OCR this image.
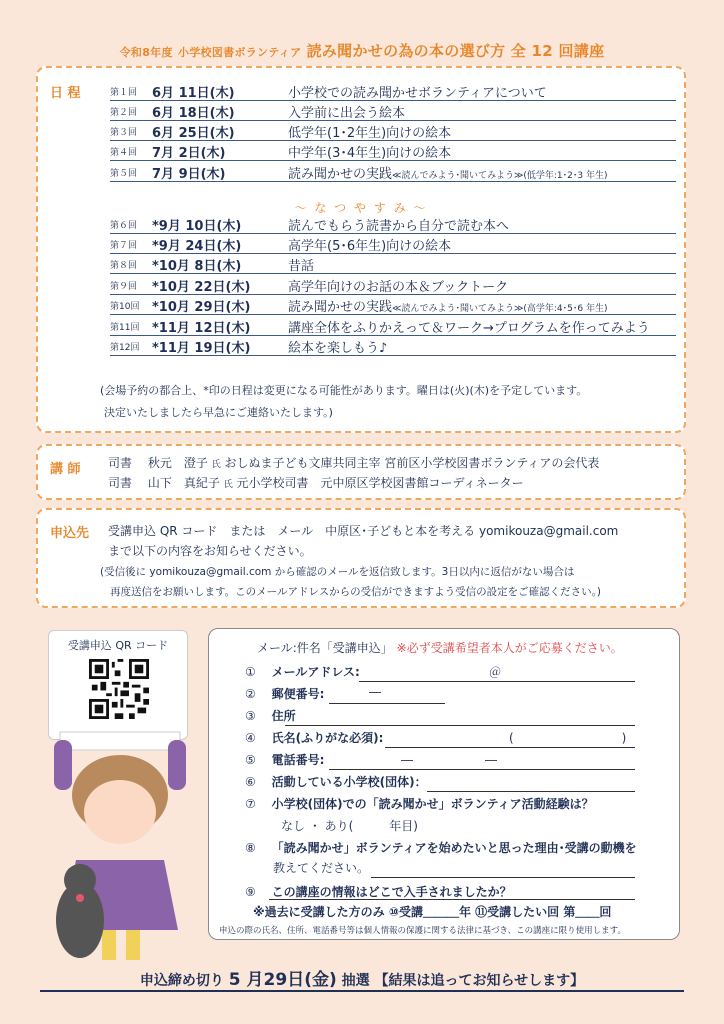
令和8年度 小学校図書ボランティア 読み聞かせの為の本の選び方 全 12 回講座
日 程	第１回 6月 11日(木)	小学校での読み聞かせボランティアについて
第２回 6月 18日(木)	入学前に出会う絵本
第３回 6月 25日(木)	低学年(1･2年生)向けの絵本
第４回 7月 2日(木)	中学年(3･4年生)向けの絵本
第５回 7月 9日(木)	読み聞かせの実践≪読んでみよう･聞いてみよう≫(低学年:1･2･3 年生)
第６回 *9月 10日(木)	読んでもらう読書から自分で読む本へ
第７回 *9月 24日(木)	高学年(5･6年生)向けの絵本
第８回 *10月 8日(木)	昔話
第９回 *10月 22日(木)	高学年向けのお話の本＆ブックトーク
第10回 *10月 29日(木)	読み聞かせの実践≪読んでみよう･聞いてみよう≫(高学年:4･5･6 年生)
第11回 *11月 12日(木)	講座全体をふりかえって＆ワーク→プログラムを作ってみよう
第12回 *11月 19日(木)	絵本を楽しもう♪
～ な つ や す み ～
(会場予約の都合上、*印の日程は変更になる可能性があります。曜日は(火)(木)を予定しています。
決定いたしましたら早急にご連絡いたします。)
講 師 司書　 秋元　澄子 氏 おしぬま子ども文庫共同主宰 宮前区小学校図書ボランティアの会代表
司書　 山下　真紀子 氏 元小学校司書　元中原区学校図書館コーディネーター
申込先 受講申込 QR コード　または　メール　中原区･子どもと本を考える yomikouza@gmail.com
まで以下の内容をお知らせください。
(受信後に yomikouza@gmail.com から確認のメールを返信致します。3日以内に返信がない場合は
再度送信をお願いします。このメールアドレスからの受信ができますよう受信の設定をご確認ください。)
受講申込 QR コード	メール:件名「受講申込」 ※必ず受講希望者本人がご応募ください。
①　 メールアドレス:	＠
②　 郵便番号:	―
③　 住所
④　 氏名(ふりがな必須):	(　　　　　　　　　)
⑤　 電話番号:	―　　　　　　―
⑥　 活動している小学校(団体)：
⑦　 小学校(団体)での「読み聞かせ」ボランティア活動経験は？
なし ・ あり(　　　年目)
⑧　 「読み聞かせ」ボランティアを始めたいと思った理由･受講の動機を
教えてください。
⑨　 この講座の情報はどこで入手されましたか？
※過去に受講した方のみ ⑩受講＿＿＿年 ⑪受講したい回 第＿＿回
申込の際の氏名、住所、電話番号等は個人情報の保護に関する法律に基づき、この講座に限り使用します。
申込締め切り 5 月29日(金) 抽選 【結果は追ってお知らせします】
